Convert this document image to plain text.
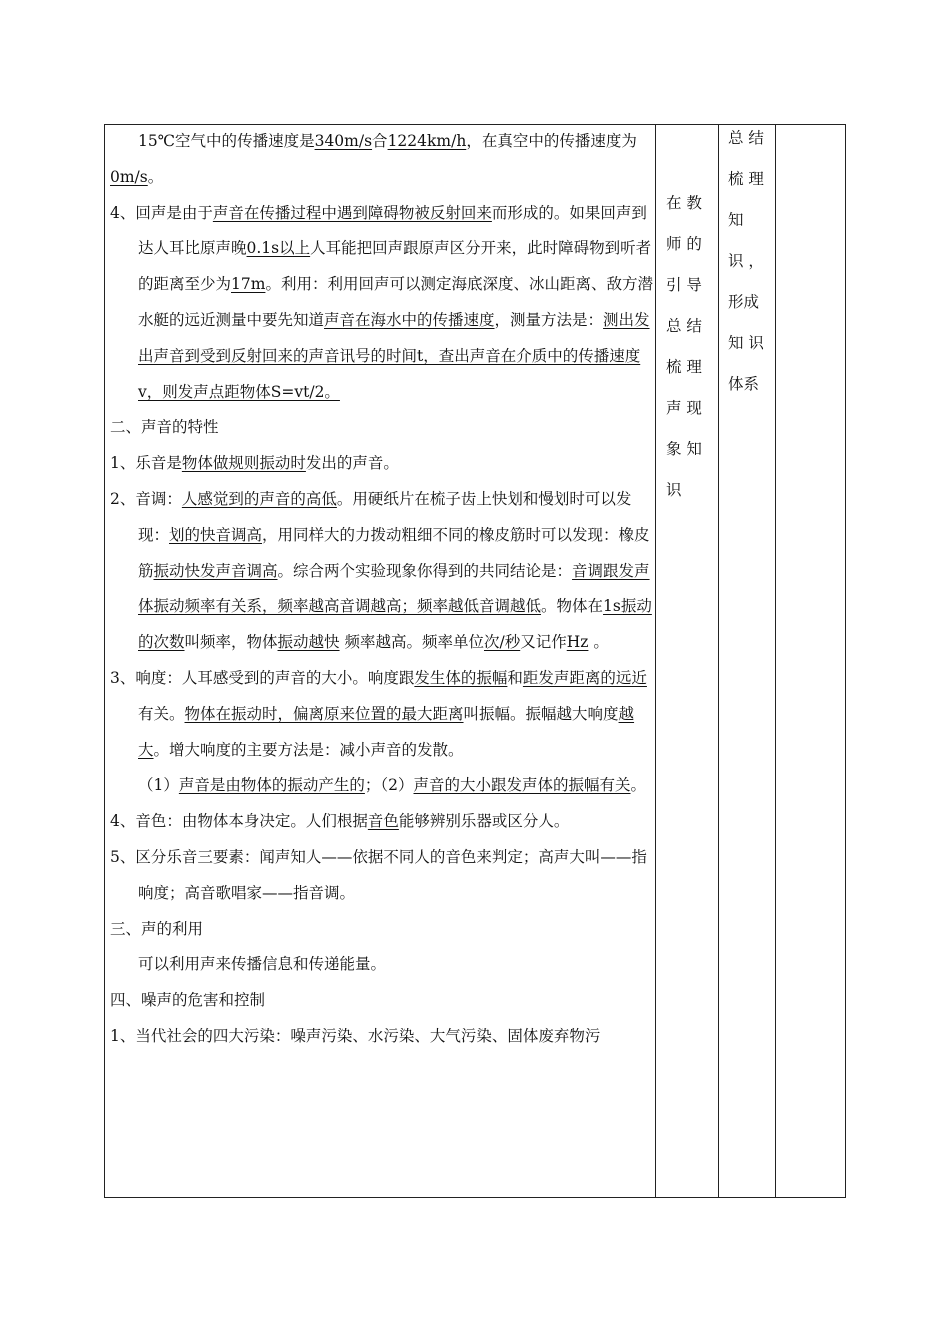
15℃空气中的传播速度是340m/s合1224km/h，在真空中的传播速度为0m/s。

4、回声是由于声音在传播过程中遇到障碍物被反射回来而形成的。如果回声到达人耳比原声晚0.1s以上人耳能把回声跟原声区分开来，此时障碍物到听者的距离至少为17m。利用：利用回声可以测定海底深度、冰山距离、敌方潜水艇的远近测量中要先知道声音在海水中的传播速度，测量方法是：测出发出声音到受到反射回来的声音讯号的时间t，查出声音在介质中的传播速度v，则发声点距物体S=vt/2。

二、声音的特性

1、乐音是物体做规则振动时发出的声音。

2、音调：人感觉到的声音的高低。用硬纸片在梳子齿上快划和慢划时可以发现：划的快音调高，用同样大的力拨动粗细不同的橡皮筋时可以发现：橡皮筋振动快发声音调高。综合两个实验现象你得到的共同结论是：音调跟发声体振动频率有关系，频率越高音调越高；频率越低音调越低。物体在1s振动的次数叫频率，物体振动越快 频率越高。频率单位次/秒又记作Hz 。

3、响度：人耳感受到的声音的大小。响度跟发生体的振幅和距发声距离的远近有关。物体在振动时，偏离原来位置的最大距离叫振幅。振幅越大响度越大。增大响度的主要方法是：减小声音的发散。

（1）声音是由物体的振动产生的；（2）声音的大小跟发声体的振幅有关。

4、音色：由物体本身决定。人们根据音色能够辨别乐器或区分人。

5、区分乐音三要素：闻声知人——依据不同人的音色来判定；高声大叫——指响度；高音歌唱家——指音调。

三、声的利用

可以利用声来传播信息和传递能量。

四、噪声的危害和控制

1、当代社会的四大污染：噪声污染、水污染、大气污染、固体废弃物污

在 教

师 的

引 导

总 结

梳 理

声 现

象 知

识

总 结

梳 理

知

识 ，

形成

知 识

体系
